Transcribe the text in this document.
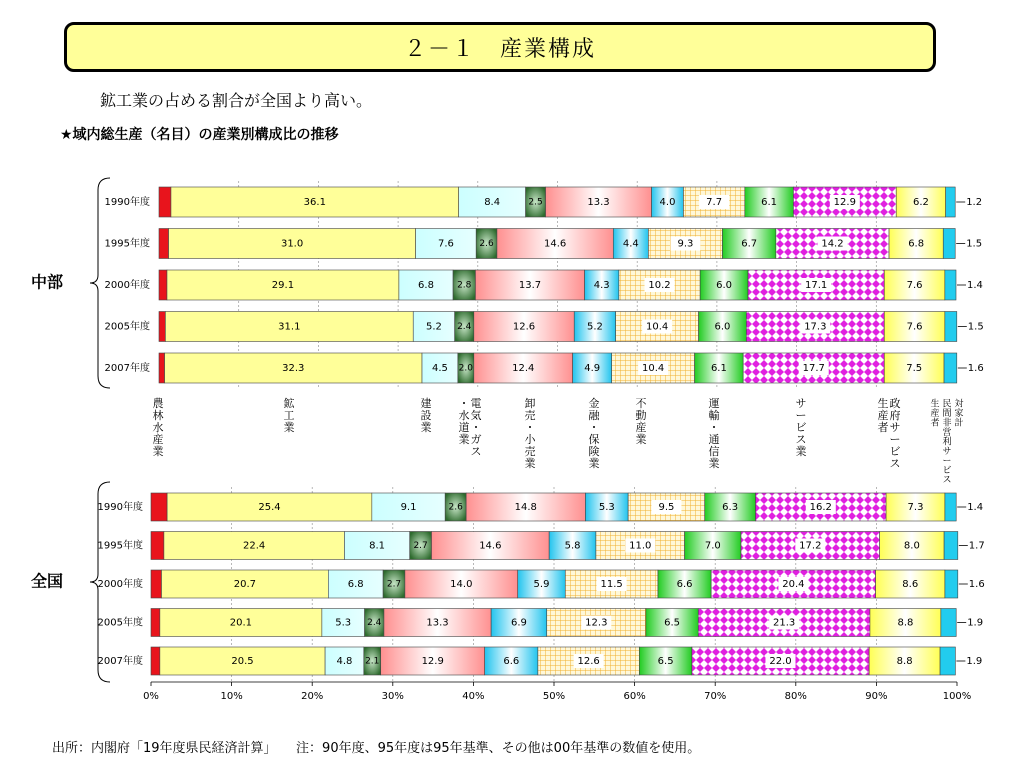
２－１　産業構成
鉱工業の占める割合が全国より高い。
★域内総生産（名目）の産業別構成比の推移
中部
1990年度	36.1	8.4	2.5	13.3	4.0	7.7	6.1	12.9	6.2	1.2
1995年度	31.0	7.6	2.6	14.6	4.4	9.3	6.7	14.2	6.8	1.5
2000年度	29.1	6.8	2.8	13.7	4.3	10.2	6.0	17.1	7.6	1.4
2005年度	31.1	5.2 2.4	12.6	5.2	10.4	6.0	17.3	7.6	1.5
2007年度	32.3	4.5 2.0	12.4	4.9	10.4	6.1	17.7	7.5	1.6
全国
1990年度	25.4	9.1	2.6	14.8	5.3	9.5	6.3	16.2	7.3	1.4
1995年度	22.4	8.1	2.7	14.6	5.8	11.0	7.0	17.2	8.0	1.7
2000年度	20.7	6.8	2.7	14.0	5.9	11.5	6.6	20.4	8.6	1.6
2005年度	20.1	5.3 2.4	13.3	6.9	12.3	6.5	21.3	8.8	1.9
2007年度	20.5	4.8 2.1	12.9	6.6	12.6	6.5	22.0	8.8	1.9
農
林
水
産
業
鉱
工
業
建
設
業
電
気
・
ガ
ス
・
水
道
業
卸
売
・
小
売
業
金
融
・
保
険
業
不
動
産
業
運
輸
・
通
信
業
サ
ー
ビ
ス
業
政
府
サ
ー
ビ
ス
生
産
者
対
家
計
民
間
非
営
利
サ
ー
ビ
ス
生
産
者
0%	10%	20%	30%	40%	50%	60%	70%	80%	90%	100%
出所：内閣府「19年度県民経済計算」　　注：90年度、95年度は95年基準、その他は00年基準の数値を使用。
